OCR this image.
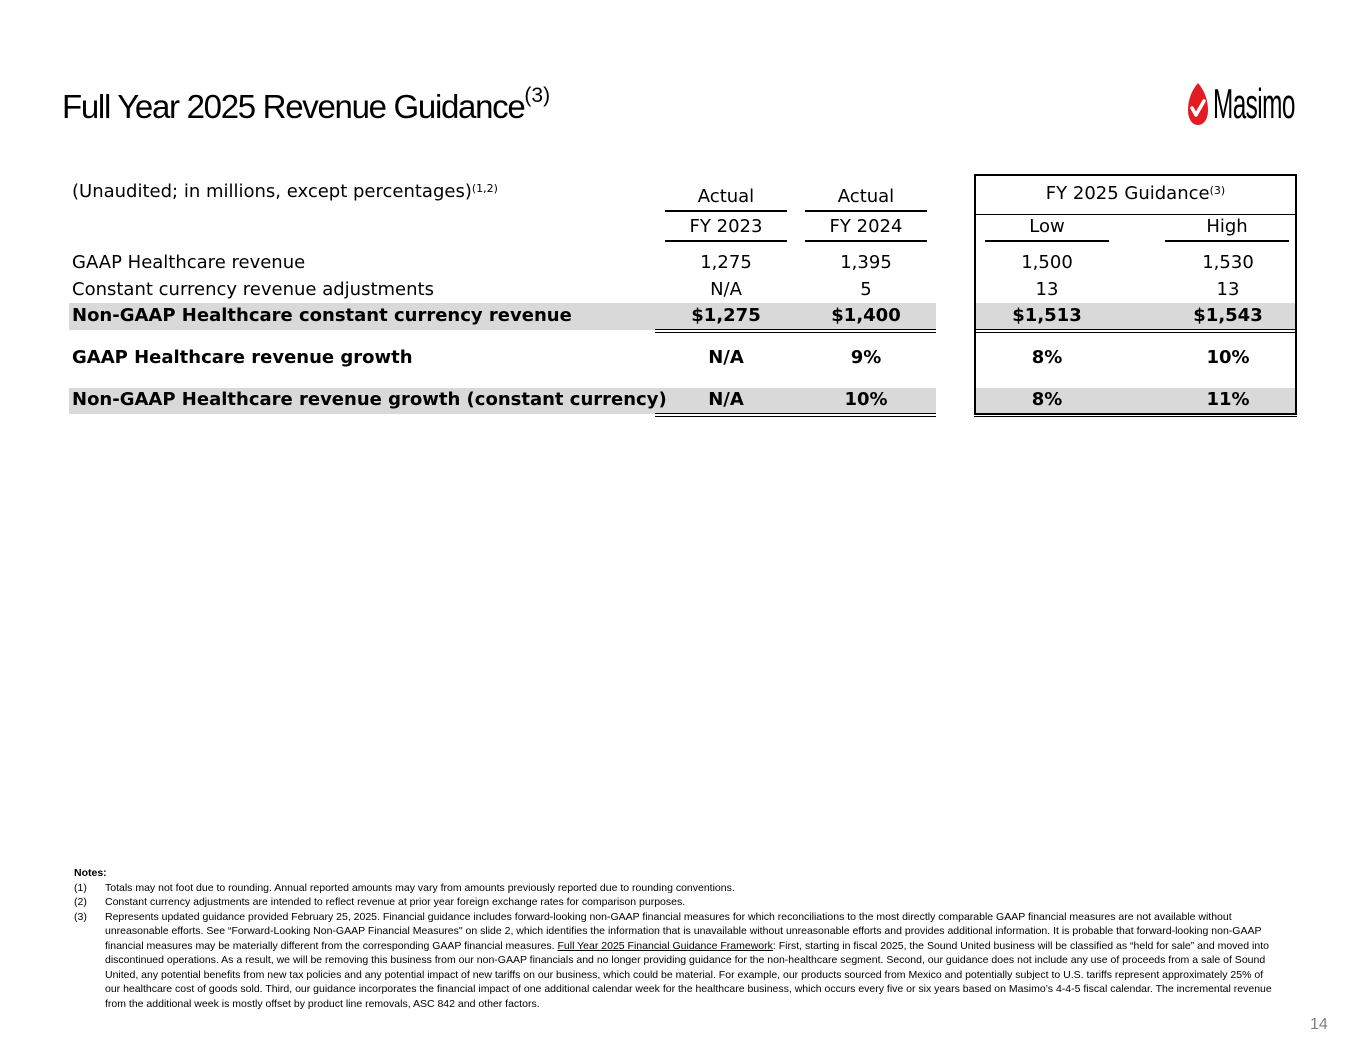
Full Year 2025 Revenue Guidance$^{(3)}$	Masimo
(Unaudited; in millions, except percentages)$^{(1,2)}$	Actual	Actual	FY 2025 Guidance$^{(3)}$
FY 2023	FY 2024	Low	High
GAAP Healthcare revenue	1,275	1,395	1,500	1,530
Constant currency revenue adjustments	N/A	5	13	13
Non-GAAP Healthcare constant currency revenue	$1,275	$1,400	$1,513	$1,543
GAAP Healthcare revenue growth	N/A	9%	8%	10%
Non-GAAP Healthcare revenue growth (constant currency)	N/A	10%	8%	11%
Notes:
(1)	Totals may not foot due to rounding. Annual reported amounts may vary from amounts previously reported due to rounding conventions.
(2)	Constant currency adjustments are intended to reflect revenue at prior year foreign exchange rates for comparison purposes.
(3)	Represents updated guidance provided February 25, 2025. Financial guidance includes forward-looking non-GAAP financial measures for which reconciliations to the most directly comparable GAAP financial measures are not available without unreasonable efforts. See “Forward-Looking Non-GAAP Financial Measures" on slide 2, which identifies the information that is unavailable without unreasonable efforts and provides additional information. It is probable that forward-looking non-GAAP financial measures may be materially different from the corresponding GAAP financial measures. Full Year 2025 Financial Guidance Framework: First, starting in fiscal 2025, the Sound United business will be classified as “held for sale” and moved into discontinued operations. As a result, we will be removing this business from our non-GAAP financials and no longer providing guidance for the non-healthcare segment. Second, our guidance does not include any use of proceeds from a sale of Sound United, any potential benefits from new tax policies and any potential impact of new tariffs on our business, which could be material. For example, our products sourced from Mexico and potentially subject to U.S. tariffs represent approximately 25% of our healthcare cost of goods sold. Third, our guidance incorporates the financial impact of one additional calendar week for the healthcare business, which occurs every five or six years based on Masimo’s 4-4-5 fiscal calendar. The incremental revenue from the additional week is mostly offset by product line removals, ASC 842 and other factors.
14
